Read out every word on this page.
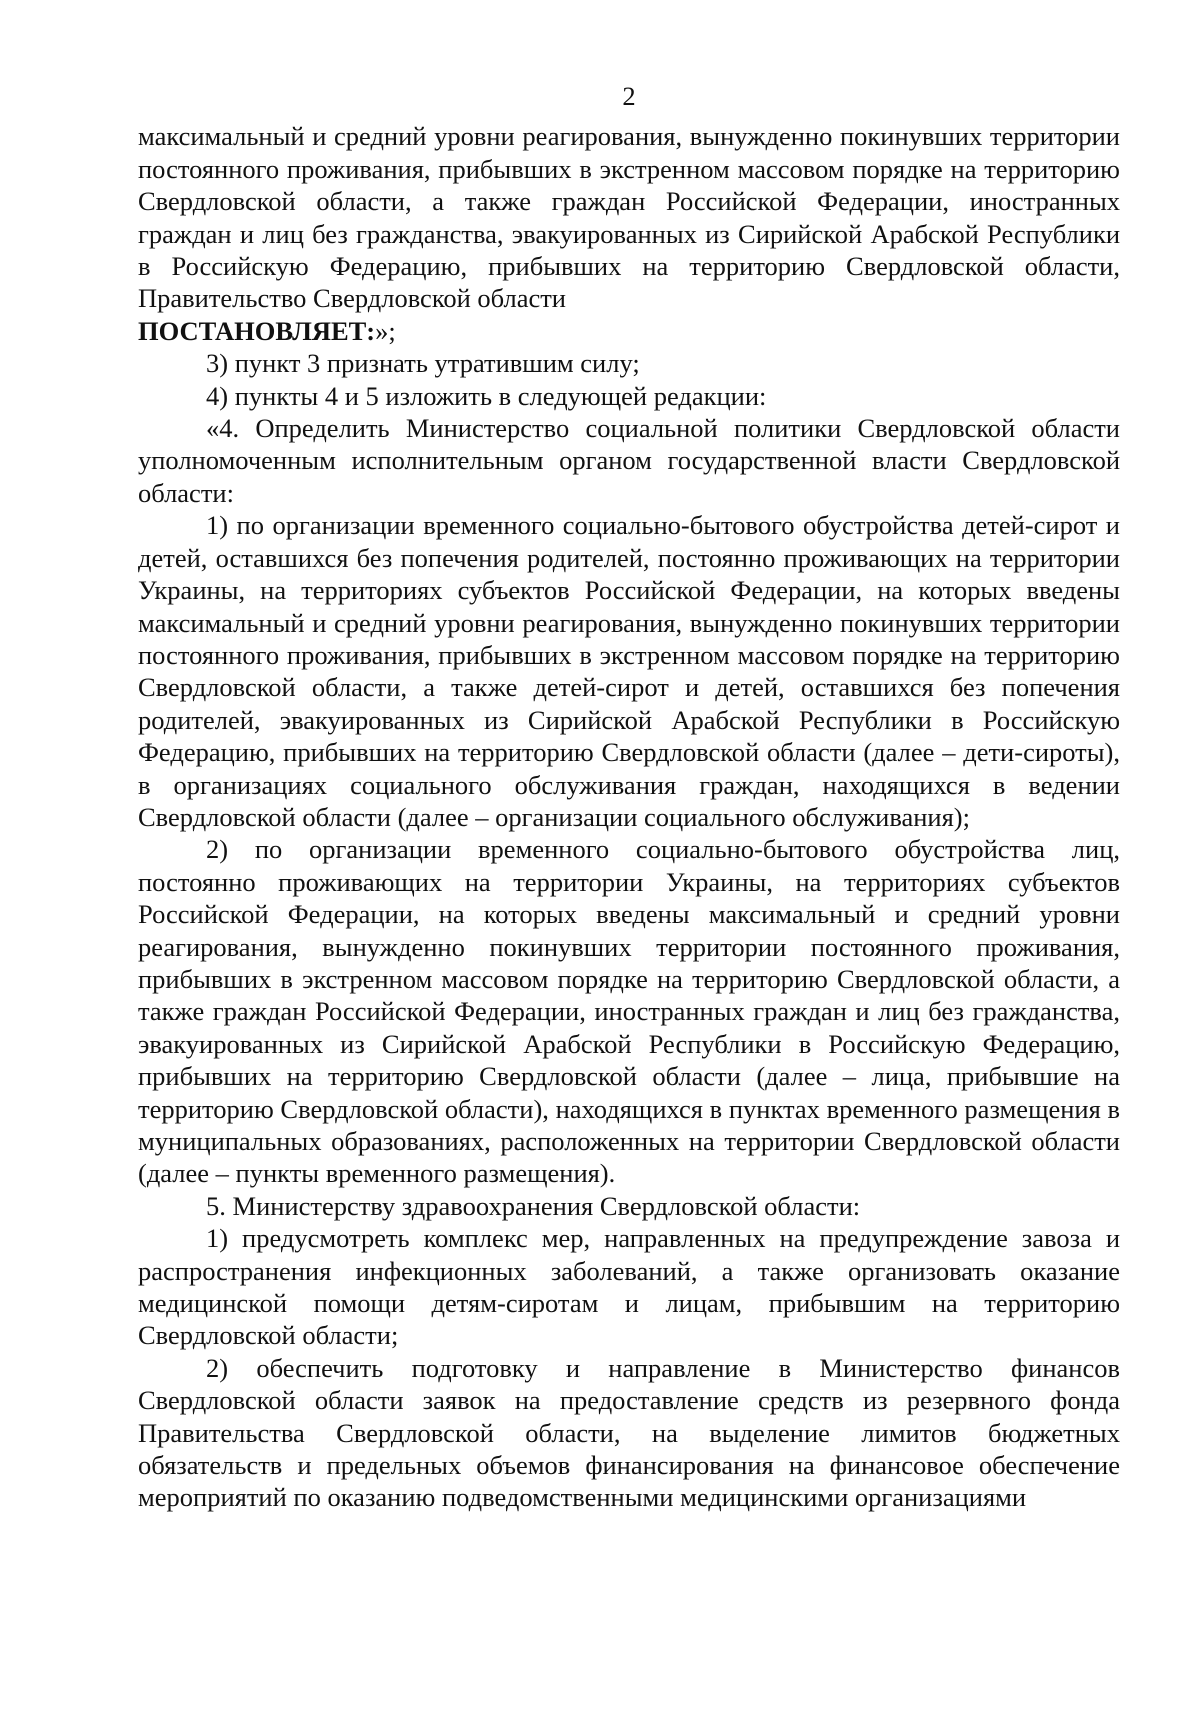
2

максимальный и средний уровни реагирования, вынужденно покинувших территории постоянного проживания, прибывших в экстренном массовом порядке на территорию Свердловской области, а также граждан Российской Федерации, иностранных граждан и лиц без гражданства, эвакуированных из Сирийской Арабской Республики в Российскую Федерацию, прибывших на территорию Свердловской области, Правительство Свердловской области

ПОСТАНОВЛЯЕТ:»;

3) пункт 3 признать утратившим силу;

4) пункты 4 и 5 изложить в следующей редакции:

«4. Определить Министерство социальной политики Свердловской области уполномоченным исполнительным органом государственной власти Свердловской области:

1) по организации временного социально-бытового обустройства детей-сирот и детей, оставшихся без попечения родителей, постоянно проживающих на территории Украины, на территориях субъектов Российской Федерации, на которых введены максимальный и средний уровни реагирования, вынужденно покинувших территории постоянного проживания, прибывших в экстренном массовом порядке на территорию Свердловской области, а также детей-сирот и детей, оставшихся без попечения родителей, эвакуированных из Сирийской Арабской Республики в Российскую Федерацию, прибывших на территорию Свердловской области (далее – дети-сироты), в организациях социального обслуживания граждан, находящихся в ведении Свердловской области (далее – организации социального обслуживания);

2) по организации временного социально-бытового обустройства лиц, постоянно проживающих на территории Украины, на территориях субъектов Российской Федерации, на которых введены максимальный и средний уровни реагирования, вынужденно покинувших территории постоянного проживания, прибывших в экстренном массовом порядке на территорию Свердловской области, а также граждан Российской Федерации, иностранных граждан и лиц без гражданства, эвакуированных из Сирийской Арабской Республики в Российскую Федерацию, прибывших на территорию Свердловской области (далее – лица, прибывшие на территорию Свердловской области), находящихся в пунктах временного размещения в муниципальных образованиях, расположенных на территории Свердловской области (далее – пункты временного размещения).

5. Министерству здравоохранения Свердловской области:

1) предусмотреть комплекс мер, направленных на предупреждение завоза и распространения инфекционных заболеваний, а также организовать оказание медицинской помощи детям-сиротам и лицам, прибывшим на территорию Свердловской области;

2) обеспечить подготовку и направление в Министерство финансов Свердловской области заявок на предоставление средств из резервного фонда Правительства Свердловской области, на выделение лимитов бюджетных обязательств и предельных объемов финансирования на финансовое обеспечение мероприятий по оказанию подведомственными медицинскими организациями
